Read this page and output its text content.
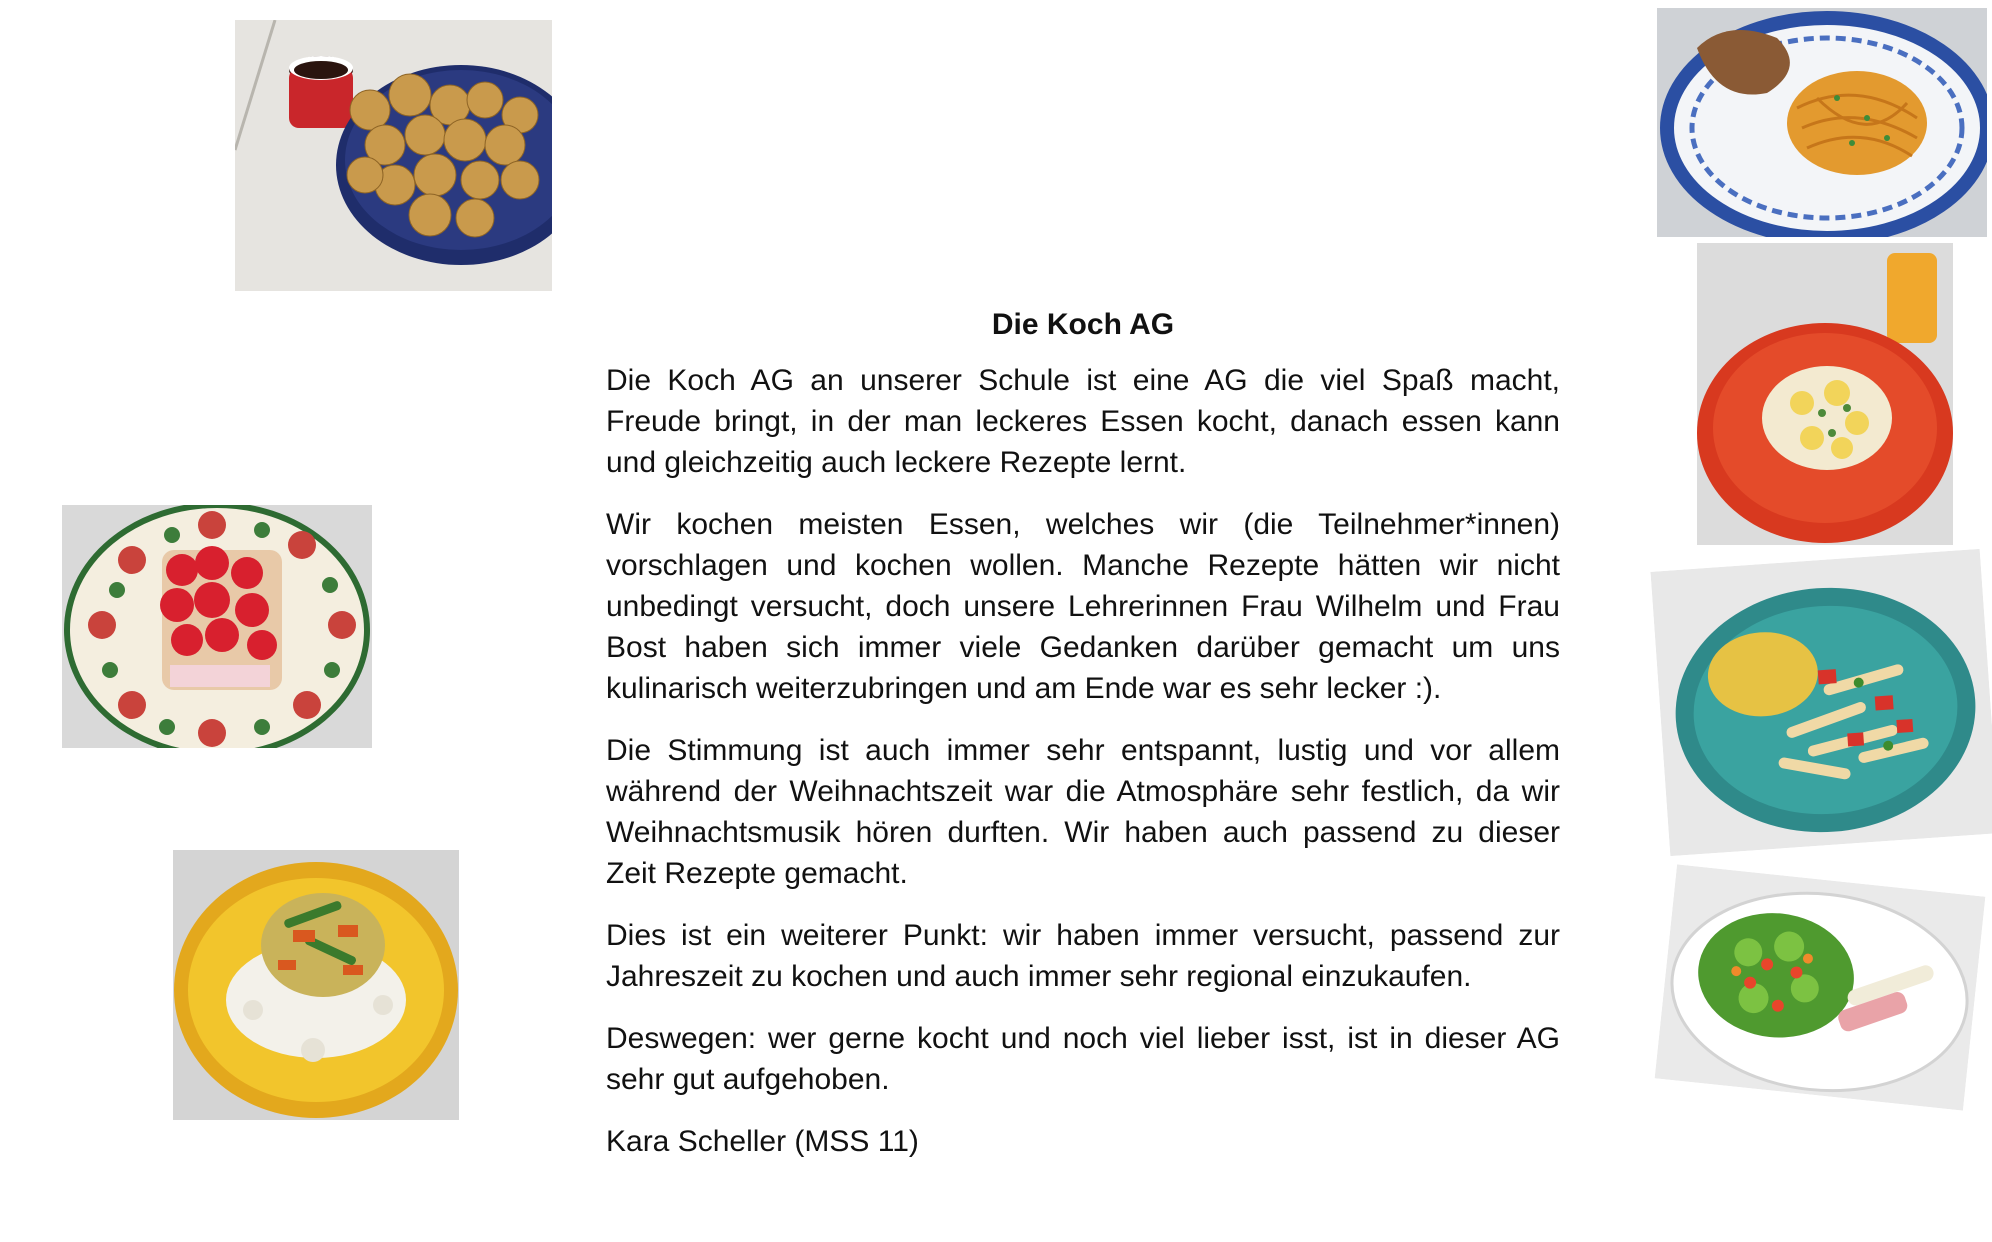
Die Koch AG

Die Koch AG an unserer Schule ist eine AG die viel Spaß macht, Freude bringt, in der man leckeres Essen kocht, danach essen kann und gleichzeitig auch leckere Rezepte lernt.

Wir kochen meisten Essen, welches wir (die Teilnehmer*innen) vorschlagen und kochen wollen. Manche Rezepte hätten wir nicht unbedingt versucht, doch unsere Lehrerinnen Frau Wilhelm und Frau Bost haben sich immer viele Gedanken darüber gemacht um uns kulinarisch weiterzubringen und am Ende war es sehr lecker :).

Die Stimmung ist auch immer sehr entspannt, lustig und vor allem während der Weihnachtszeit war die Atmosphäre sehr festlich, da wir Weihnachtsmusik hören durften. Wir haben auch passend zu dieser Zeit Rezepte gemacht.

Dies ist ein weiterer Punkt: wir haben immer versucht, passend zur Jahreszeit zu kochen und auch immer sehr regional einzukaufen.

Deswegen: wer gerne kocht und noch viel lieber isst, ist in dieser AG sehr gut aufgehoben.

Kara Scheller (MSS 11)
